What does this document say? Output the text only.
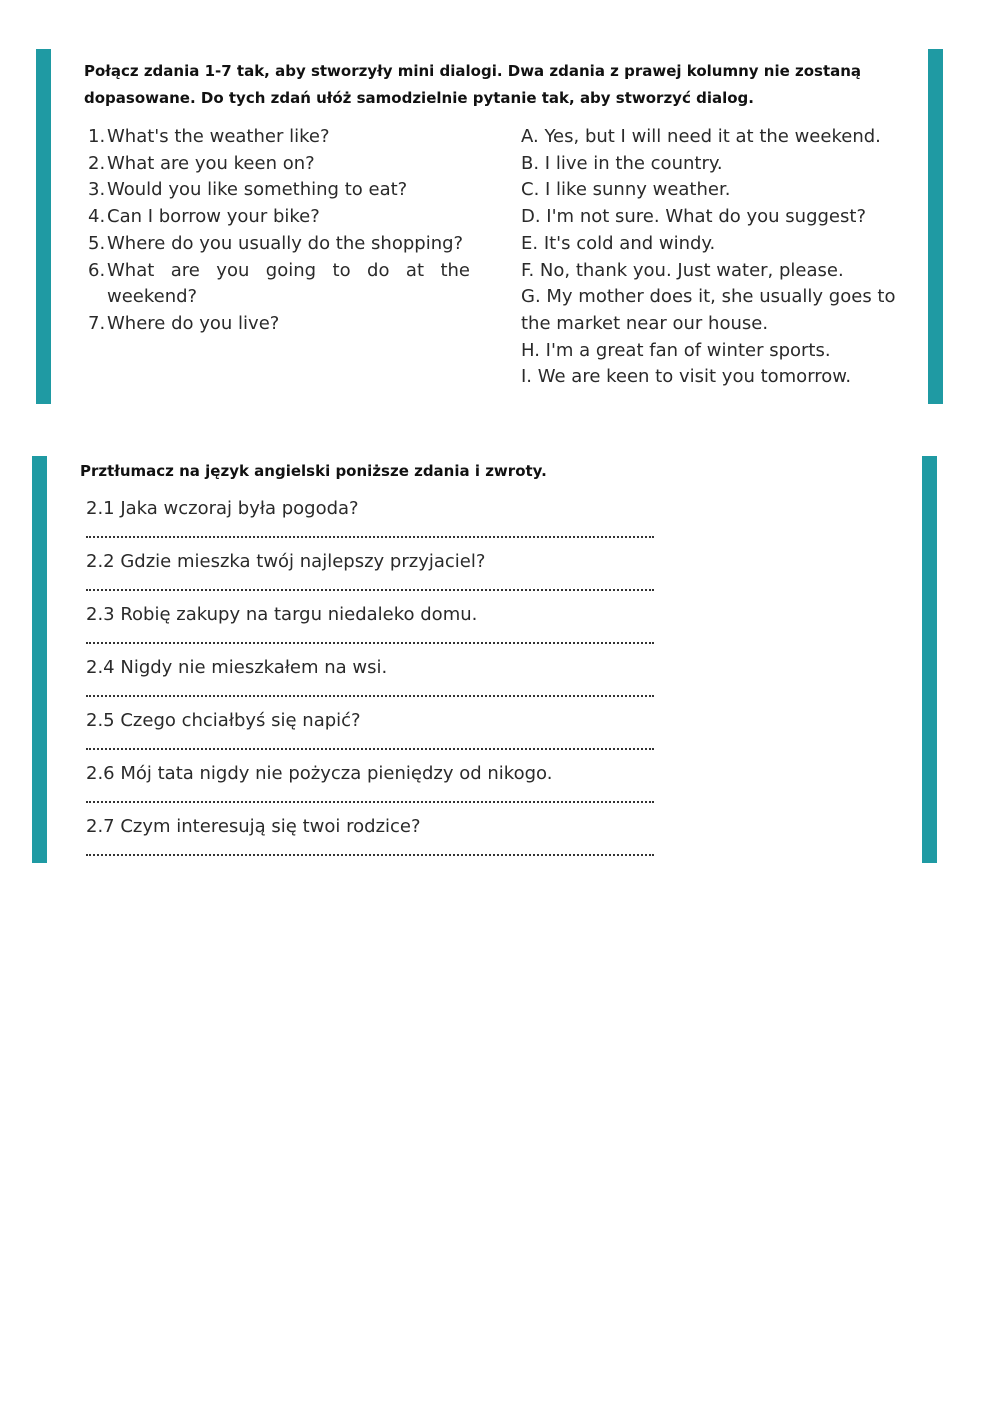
Połącz zdania 1-7 tak, aby stworzyły mini dialogi. Dwa zdania z prawej kolumny nie zostaną dopasowane. Do tych zdań ułóż samodzielnie pytanie tak, aby stworzyć dialog.

1. What's the weather like?
2. What are you keen on?
3. Would you like something to eat?
4. Can I borrow your bike?
5. Where do you usually do the shopping?
6. What are you going to do at the weekend?
7. Where do you live?
A. Yes, but I will need it at the weekend.
B. I live in the country.
C. I like sunny weather.
D. I'm not sure. What do you suggest?
E. It's cold and windy.
F. No, thank you. Just water, please.
G. My mother does it, she usually goes to the market near our house.
H. I'm a great fan of winter sports.
I. We are keen to visit you tomorrow.

Prztłumacz na język angielski poniższe zdania i zwroty.

2.1 Jaka wczoraj była pogoda?
2.2 Gdzie mieszka twój najlepszy przyjaciel?
2.3 Robię zakupy na targu niedaleko domu.
2.4 Nigdy nie mieszkałem na wsi.
2.5 Czego chciałbyś się napić?
2.6 Mój tata nigdy nie pożycza pieniędzy od nikogo.
2.7 Czym interesują się twoi rodzice?
